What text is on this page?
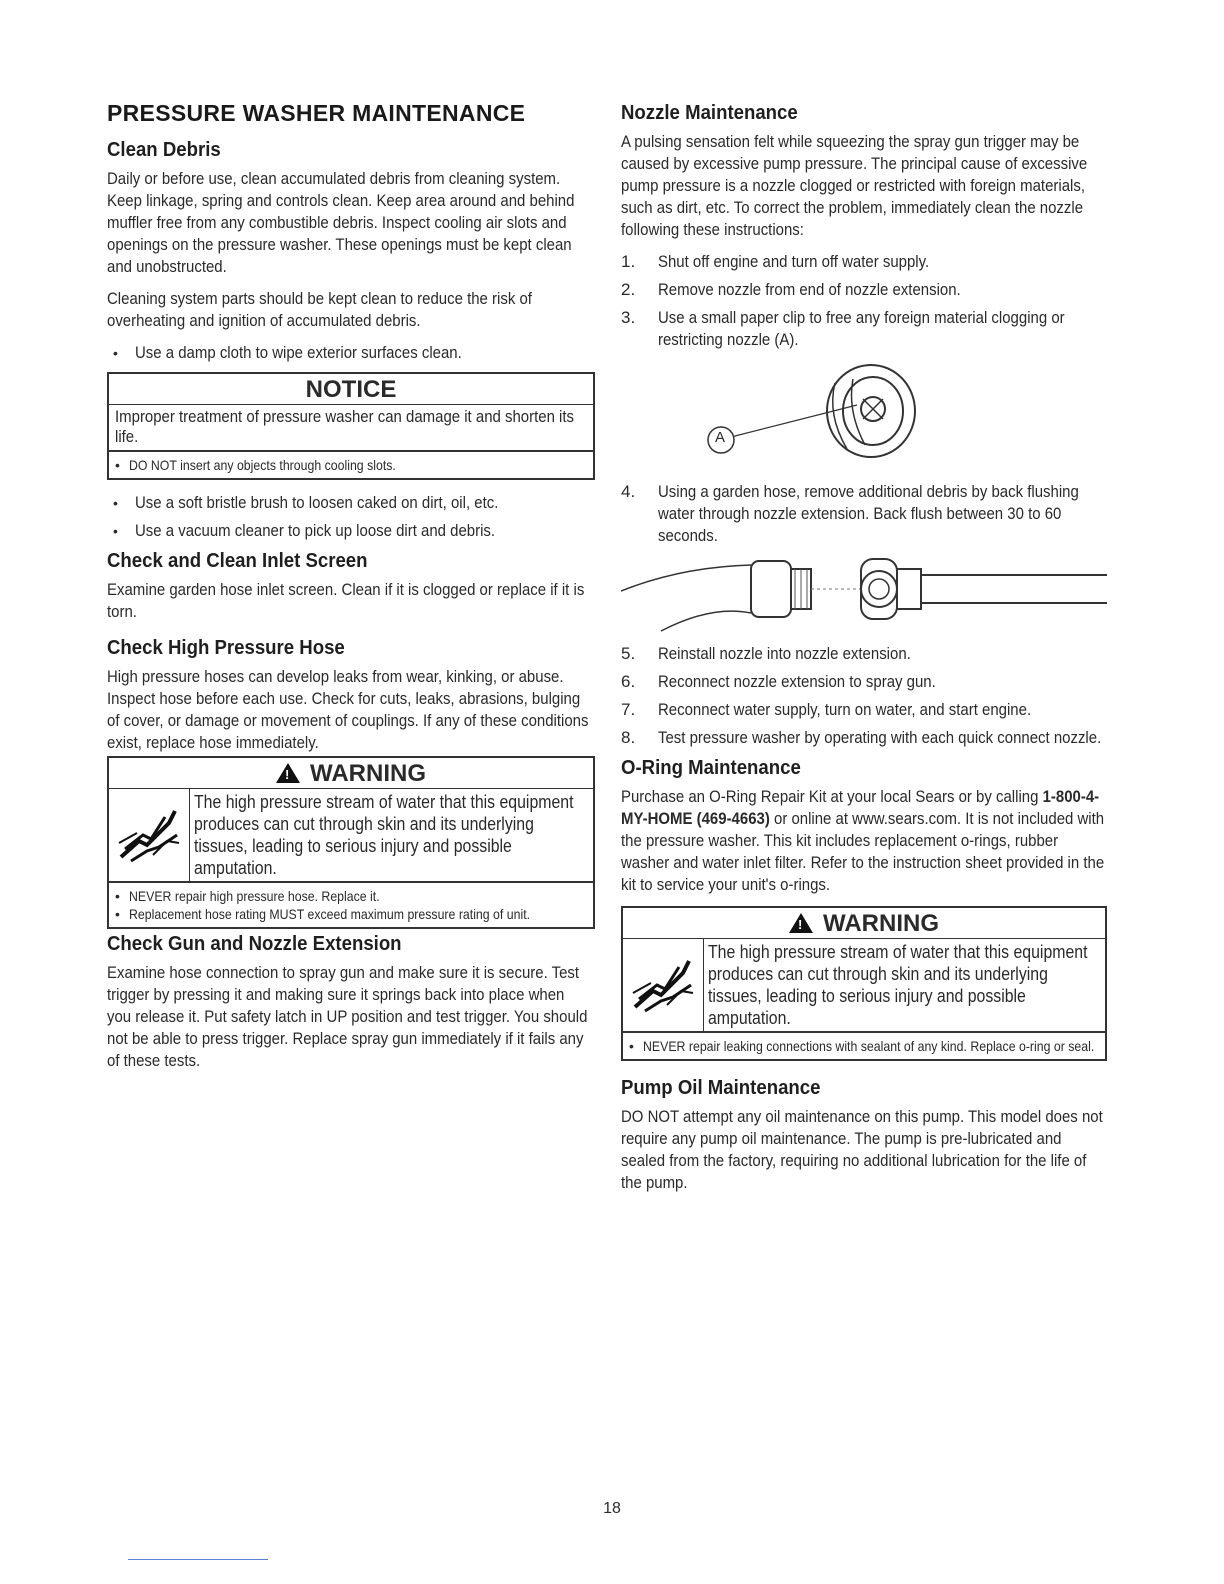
PRESSURE WASHER MAINTENANCE
Clean Debris

Daily or before use, clean accumulated debris from cleaning system. Keep linkage, spring and controls clean. Keep area around and behind muffler free from any combustible debris. Inspect cooling air slots and openings on the pressure washer. These openings must be kept clean and unobstructed.

Cleaning system parts should be kept clean to reduce the risk of overheating and ignition of accumulated debris.

• Use a damp cloth to wipe exterior surfaces clean.
NOTICE
Improper treatment of pressure washer can damage it and shorten its life.
• DO NOT insert any objects through cooling slots.
• Use a soft bristle brush to loosen caked on dirt, oil, etc.
• Use a vacuum cleaner to pick up loose dirt and debris.
Check and Clean Inlet Screen

Examine garden hose inlet screen. Clean if it is clogged or replace if it is torn.

Check High Pressure Hose

High pressure hoses can develop leaks from wear, kinking, or abuse. Inspect hose before each use. Check for cuts, leaks, abrasions, bulging of cover, or damage or movement of couplings. If any of these conditions exist, replace hose immediately.

!WARNING
The high pressure stream of water that this equipment produces can cut through skin and its underlying tissues, leading to serious injury and possible amputation.
• NEVER repair high pressure hose. Replace it.
• Replacement hose rating MUST exceed maximum pressure rating of unit.
Check Gun and Nozzle Extension

Examine hose connection to spray gun and make sure it is secure. Test trigger by pressing it and making sure it springs back into place when you release it. Put safety latch in UP position and test trigger. You should not be able to press trigger. Replace spray gun immediately if it fails any of these tests.

Nozzle Maintenance

A pulsing sensation felt while squeezing the spray gun trigger may be caused by excessive pump pressure. The principal cause of excessive pump pressure is a nozzle clogged or restricted with foreign materials, such as dirt, etc. To correct the problem, immediately clean the nozzle following these instructions:

1. Shut off engine and turn off water supply.
2. Remove nozzle from end of nozzle extension.
3. Use a small paper clip to free any foreign material clogging or restricting nozzle (A).
A
4. Using a garden hose, remove additional debris by back flushing water through nozzle extension. Back flush between 30 to 60 seconds.
5. Reinstall nozzle into nozzle extension.
6. Reconnect nozzle extension to spray gun.
7. Reconnect water supply, turn on water, and start engine.
8. Test pressure washer by operating with each quick connect nozzle.
O-Ring Maintenance

Purchase an O-Ring Repair Kit at your local Sears or by calling 1-800-4-MY-HOME (469-4663) or online at www.sears.com. It is not included with the pressure washer. This kit includes replacement o-rings, rubber washer and water inlet filter. Refer to the instruction sheet provided in the kit to service your unit's o-rings.

!WARNING
The high pressure stream of water that this equipment produces can cut through skin and its underlying tissues, leading to serious injury and possible amputation.
• NEVER repair leaking connections with sealant of any kind. Replace o-ring or seal.
Pump Oil Maintenance

DO NOT attempt any oil maintenance on this pump. This model does not require any pump oil maintenance. The pump is pre-lubricated and sealed from the factory, requiring no additional lubrication for the life of the pump.

18
